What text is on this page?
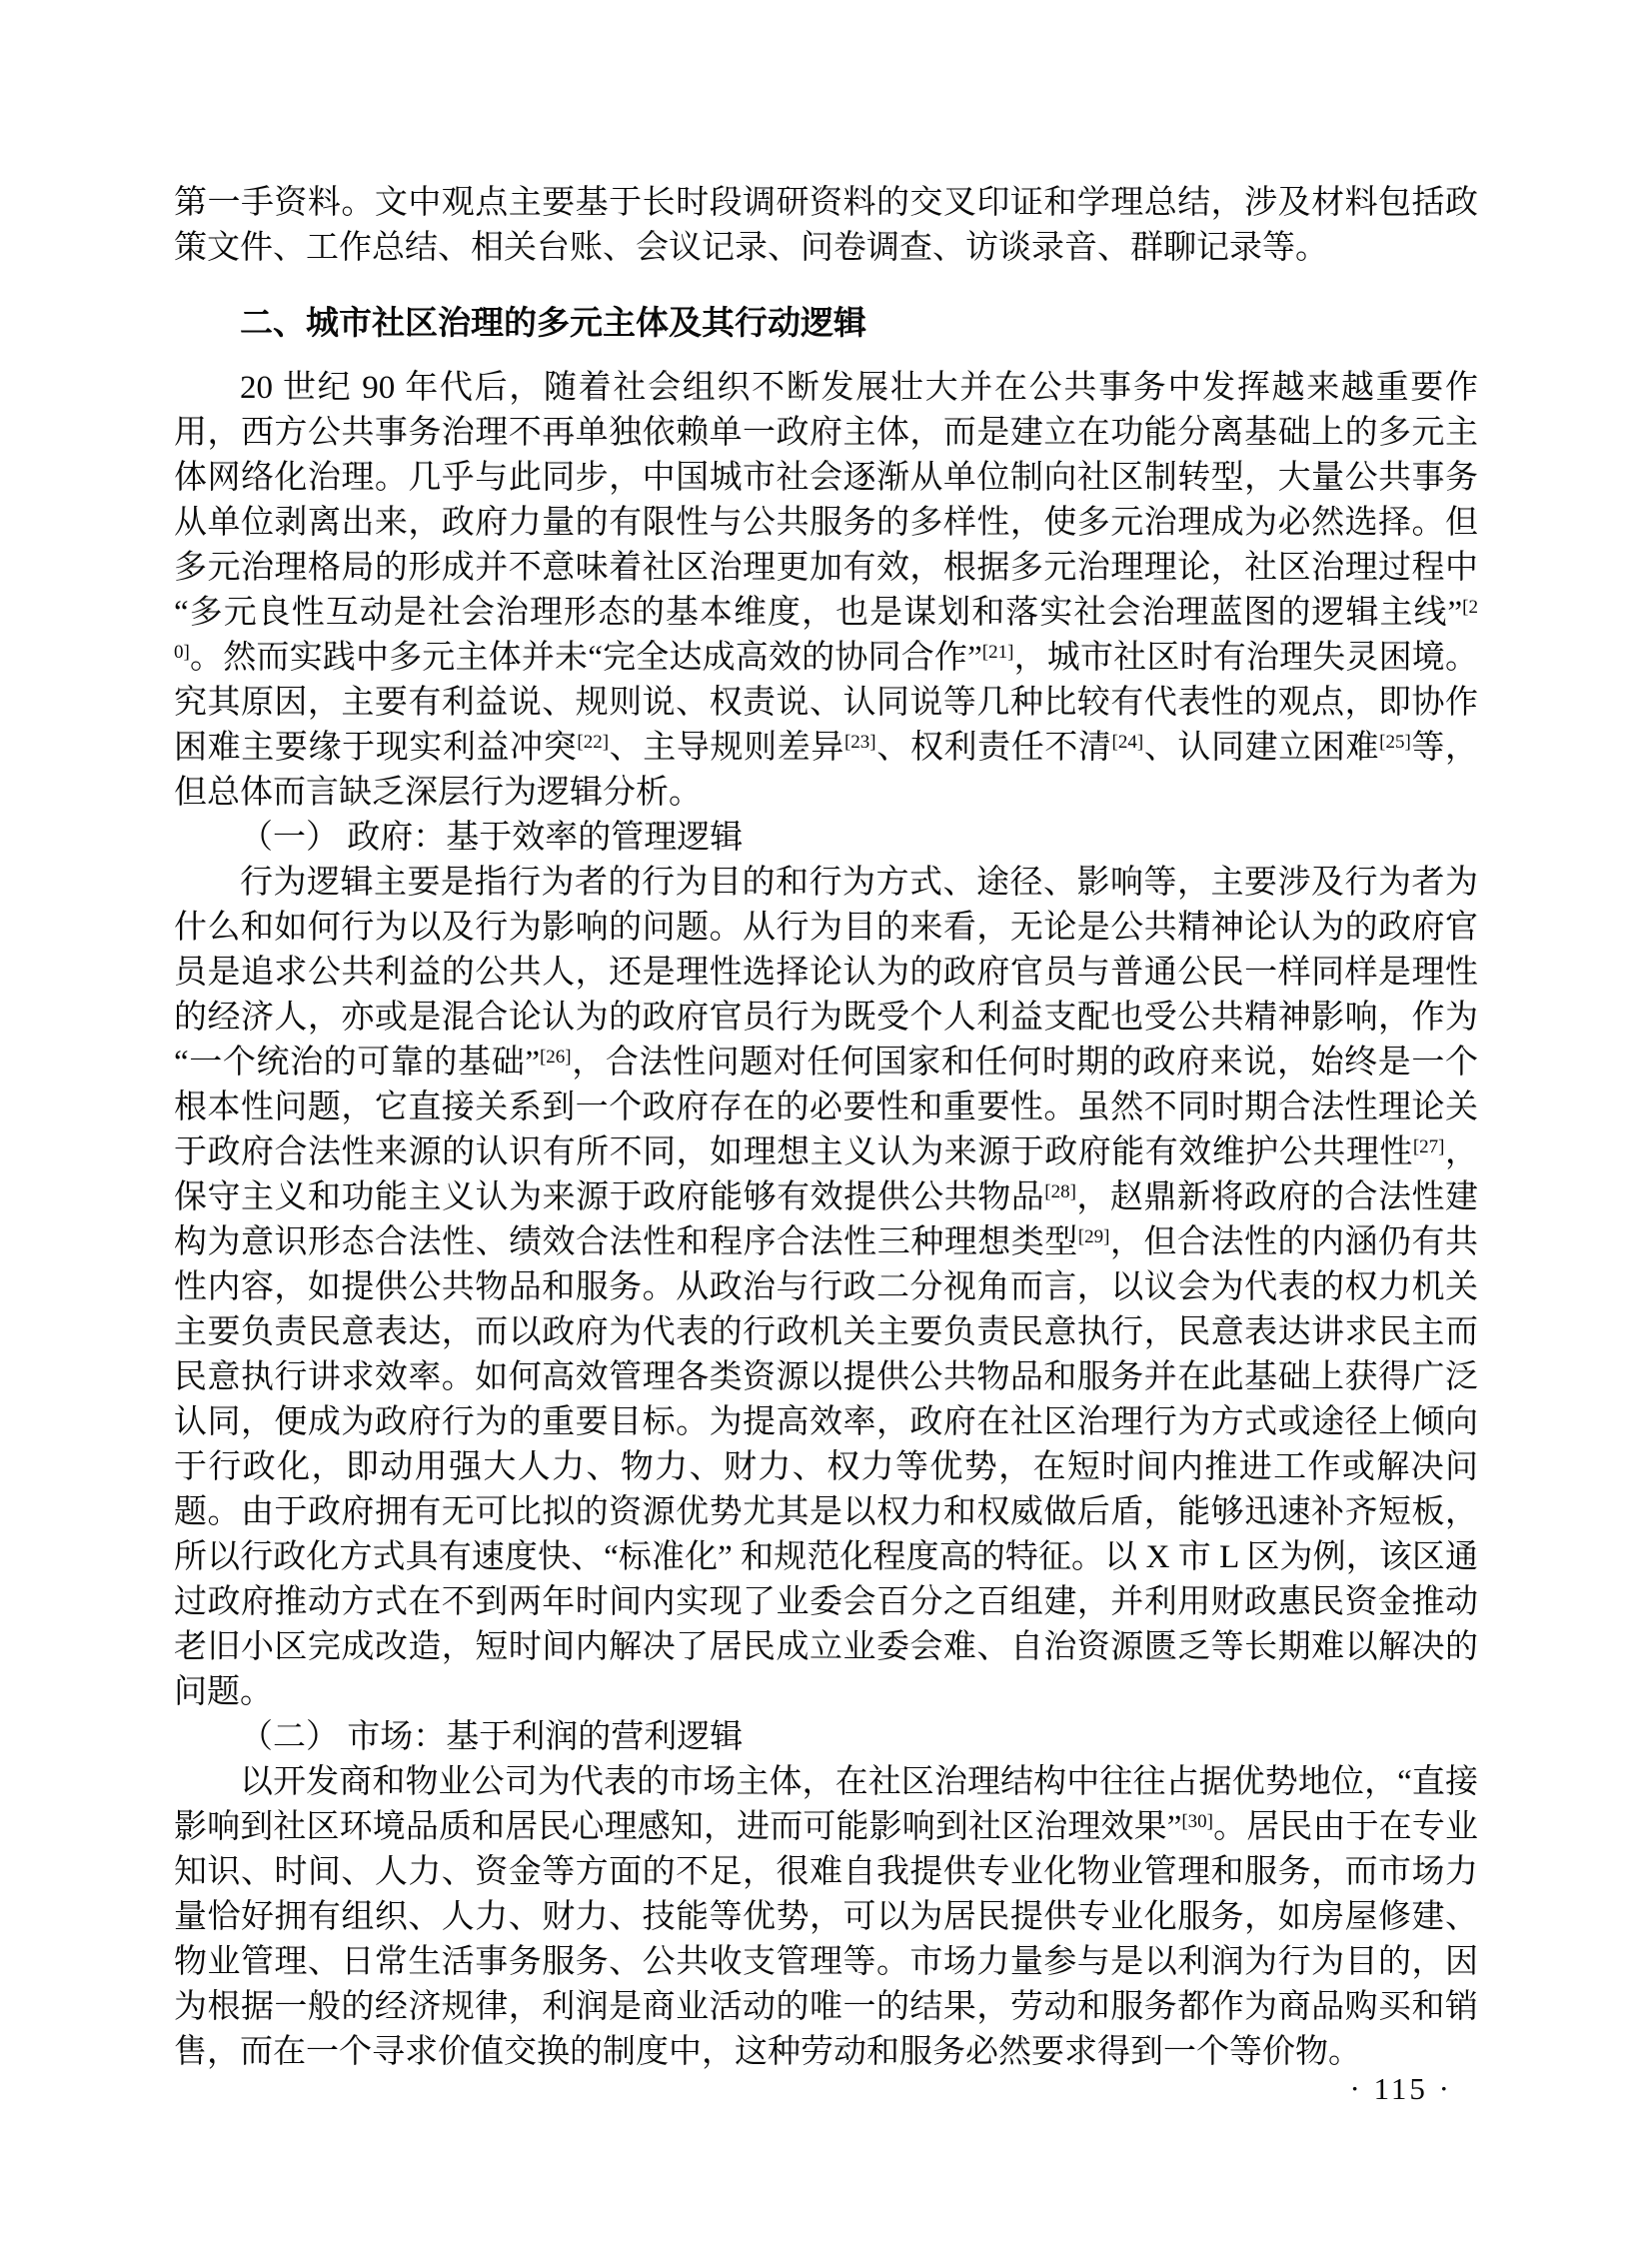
第一手资料。文中观点主要基于长时段调研资料的交叉印证和学理总结，涉及材料包括政策文件、工作总结、相关台账、会议记录、问卷调查、访谈录音、群聊记录等。

二、城市社区治理的多元主体及其行动逻辑

20 世纪 90 年代后，随着社会组织不断发展壮大并在公共事务中发挥越来越重要作用，西方公共事务治理不再单独依赖单一政府主体，而是建立在功能分离基础上的多元主体网络化治理。几乎与此同步，中国城市社会逐渐从单位制向社区制转型，大量公共事务从单位剥离出来，政府力量的有限性与公共服务的多样性，使多元治理成为必然选择。但多元治理格局的形成并不意味着社区治理更加有效，根据多元治理理论，社区治理过程中“多元良性互动是社会治理形态的基本维度，也是谋划和落实社会治理蓝图的逻辑主线”[20]。然而实践中多元主体并未“完全达成高效的协同合作”[21]，城市社区时有治理失灵困境。究其原因，主要有利益说、规则说、权责说、认同说等几种比较有代表性的观点，即协作困难主要缘于现实利益冲突[22]、主导规则差异[23]、权利责任不清[24]、认同建立困难[25]等，但总体而言缺乏深层行为逻辑分析。

（一） 政府：基于效率的管理逻辑

行为逻辑主要是指行为者的行为目的和行为方式、途径、影响等，主要涉及行为者为什么和如何行为以及行为影响的问题。从行为目的来看，无论是公共精神论认为的政府官员是追求公共利益的公共人，还是理性选择论认为的政府官员与普通公民一样同样是理性的经济人，亦或是混合论认为的政府官员行为既受个人利益支配也受公共精神影响，作为“一个统治的可靠的基础”[26]，合法性问题对任何国家和任何时期的政府来说，始终是一个根本性问题，它直接关系到一个政府存在的必要性和重要性。虽然不同时期合法性理论关于政府合法性来源的认识有所不同，如理想主义认为来源于政府能有效维护公共理性[27]，保守主义和功能主义认为来源于政府能够有效提供公共物品[28]，赵鼎新将政府的合法性建构为意识形态合法性、绩效合法性和程序合法性三种理想类型[29]，但合法性的内涵仍有共性内容，如提供公共物品和服务。从政治与行政二分视角而言，以议会为代表的权力机关主要负责民意表达，而以政府为代表的行政机关主要负责民意执行，民意表达讲求民主而民意执行讲求效率。如何高效管理各类资源以提供公共物品和服务并在此基础上获得广泛认同，便成为政府行为的重要目标。为提高效率，政府在社区治理行为方式或途径上倾向于行政化，即动用强大人力、物力、财力、权力等优势，在短时间内推进工作或解决问题。由于政府拥有无可比拟的资源优势尤其是以权力和权威做后盾，能够迅速补齐短板，所以行政化方式具有速度快、“标准化” 和规范化程度高的特征。以 X 市 L 区为例，该区通过政府推动方式在不到两年时间内实现了业委会百分之百组建，并利用财政惠民资金推动老旧小区完成改造，短时间内解决了居民成立业委会难、自治资源匮乏等长期难以解决的问题。

（二） 市场：基于利润的营利逻辑

以开发商和物业公司为代表的市场主体，在社区治理结构中往往占据优势地位，“直接影响到社区环境品质和居民心理感知，进而可能影响到社区治理效果”[30]。居民由于在专业知识、时间、人力、资金等方面的不足，很难自我提供专业化物业管理和服务，而市场力量恰好拥有组织、人力、财力、技能等优势，可以为居民提供专业化服务，如房屋修建、物业管理、日常生活事务服务、公共收支管理等。市场力量参与是以利润为行为目的，因为根据一般的经济规律，利润是商业活动的唯一的结果，劳动和服务都作为商品购买和销售，而在一个寻求价值交换的制度中，这种劳动和服务必然要求得到一个等价物。

· 115 ·
